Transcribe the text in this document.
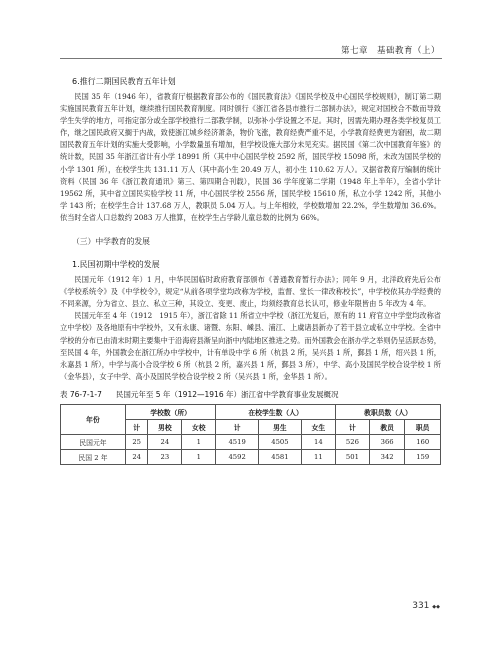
第七章　基础教育（上）
6.推行二期国民教育五年计划

民国 35 年（1946 年），省教育厅根据教育部公布的《国民教育法》《国民学校及中心国民学校规则》，制订第二期实施国民教育五年计划，继续推行国民教育制度。同时颁行《浙江省各县市推行二部制办法》，规定对国校合不数而导致学生失学的地方，可指定部分或全部学校推行二部教学制，以弥补小学设置之不足。其时，因需先期办理各类学校复员工作，继之国民政府又搁于内战，致使浙江城乡经济萧条，物价飞涨，教育经费严重不足，小学教育经费更为窘困，故二期国民教育五年计划的实施大受影响，小学数量虽有增加，但学校设施大部分未见充实。据民国《第二次中国教育年鉴》的统计数，民国 35 年浙江省计有小学 18991 所（其中中心国民学校 2592 所，国民学校 15098 所，未改为国民学校的小学 1301 所），在校学生共 131.11 万人（其中高小生 20.49 万人，初小生 110.62 万人）。又据省教育厅编制的统计资料（民国 36 年《浙江教育通讯》第三、第四期合刊载），民国 36 学年度第二学期（1948 年上半年），全省小学计 19562 所，其中省立国民实验学校 11 所，中心国民学校 2556 所，国民学校 15610 所，私立小学 1242 所，其他小学 143 所；在校学生合计 137.68 万人，教职员 5.04 万人。与上年相较，学校数增加 22.2%，学生数增加 36.6%。依当时全省人口总数约 2083 万人推算，在校学生占学龄儿童总数的比例为 66%。

（三）中学教育的发展
1.民国初期中学校的发展

民国元年（1912 年）1 月，中华民国临时政府教育部颁布《普通教育暂行办法》；同年 9 月，北洋政府先后公布《学校系统令》及《中学校令》，规定“从前各项学堂均改称为学校，监督、堂长一律改称校长”，中学校依其办学经费的不同来源，分为省立、县立、私立三种，其设立、变更、废止，均须经教育总长认可，修业年限皆由 5 年改为 4 年。

民国元年至 4 年（1912　1915 年），浙江省除 11 所省立中学校（浙江光复后，原有的 11 府官立中学堂均改称省立中学校）及各地原有中学校外，又有永康、诸暨、东阳、嵊县、浦江、上虞诸县新办了若干县立或私立中学校。全省中学校的分布已由清末时期主要集中于沿海府县渐呈向浙中内陆地区推进之势。而外国教会在浙办学之举则仍呈活跃态势，至民国 4 年，外国教会在浙江所办中学校中，计有单设中学 6 所（杭县 2 所，吴兴县 1 所，鄞县 1 所，绍兴县 1 所，永嘉县 1 所），中学与高小合设学校 6 所（杭县 2 所，嘉兴县 1 所，鄞县 3 所），中学、高小及国民学校合设学校 1 所（金华县），女子中学、高小及国民学校合设学校 2 所（吴兴县 1 所，金华县 1 所）。

表 76-7-1-7 民国元年至 5 年（1912—1916 年）浙江省中学教育事业发展概况
年份	学校数（所）			在校学生数（人）			教职员数（人）		
	计	男校	女校	计	男生	女生	计	教员	职员
民国元年	25	24	1	4519	4505	14	526	366	160
民国 2 年	24	23	1	4592	4581	11	501	342	159
331 ◆◆
